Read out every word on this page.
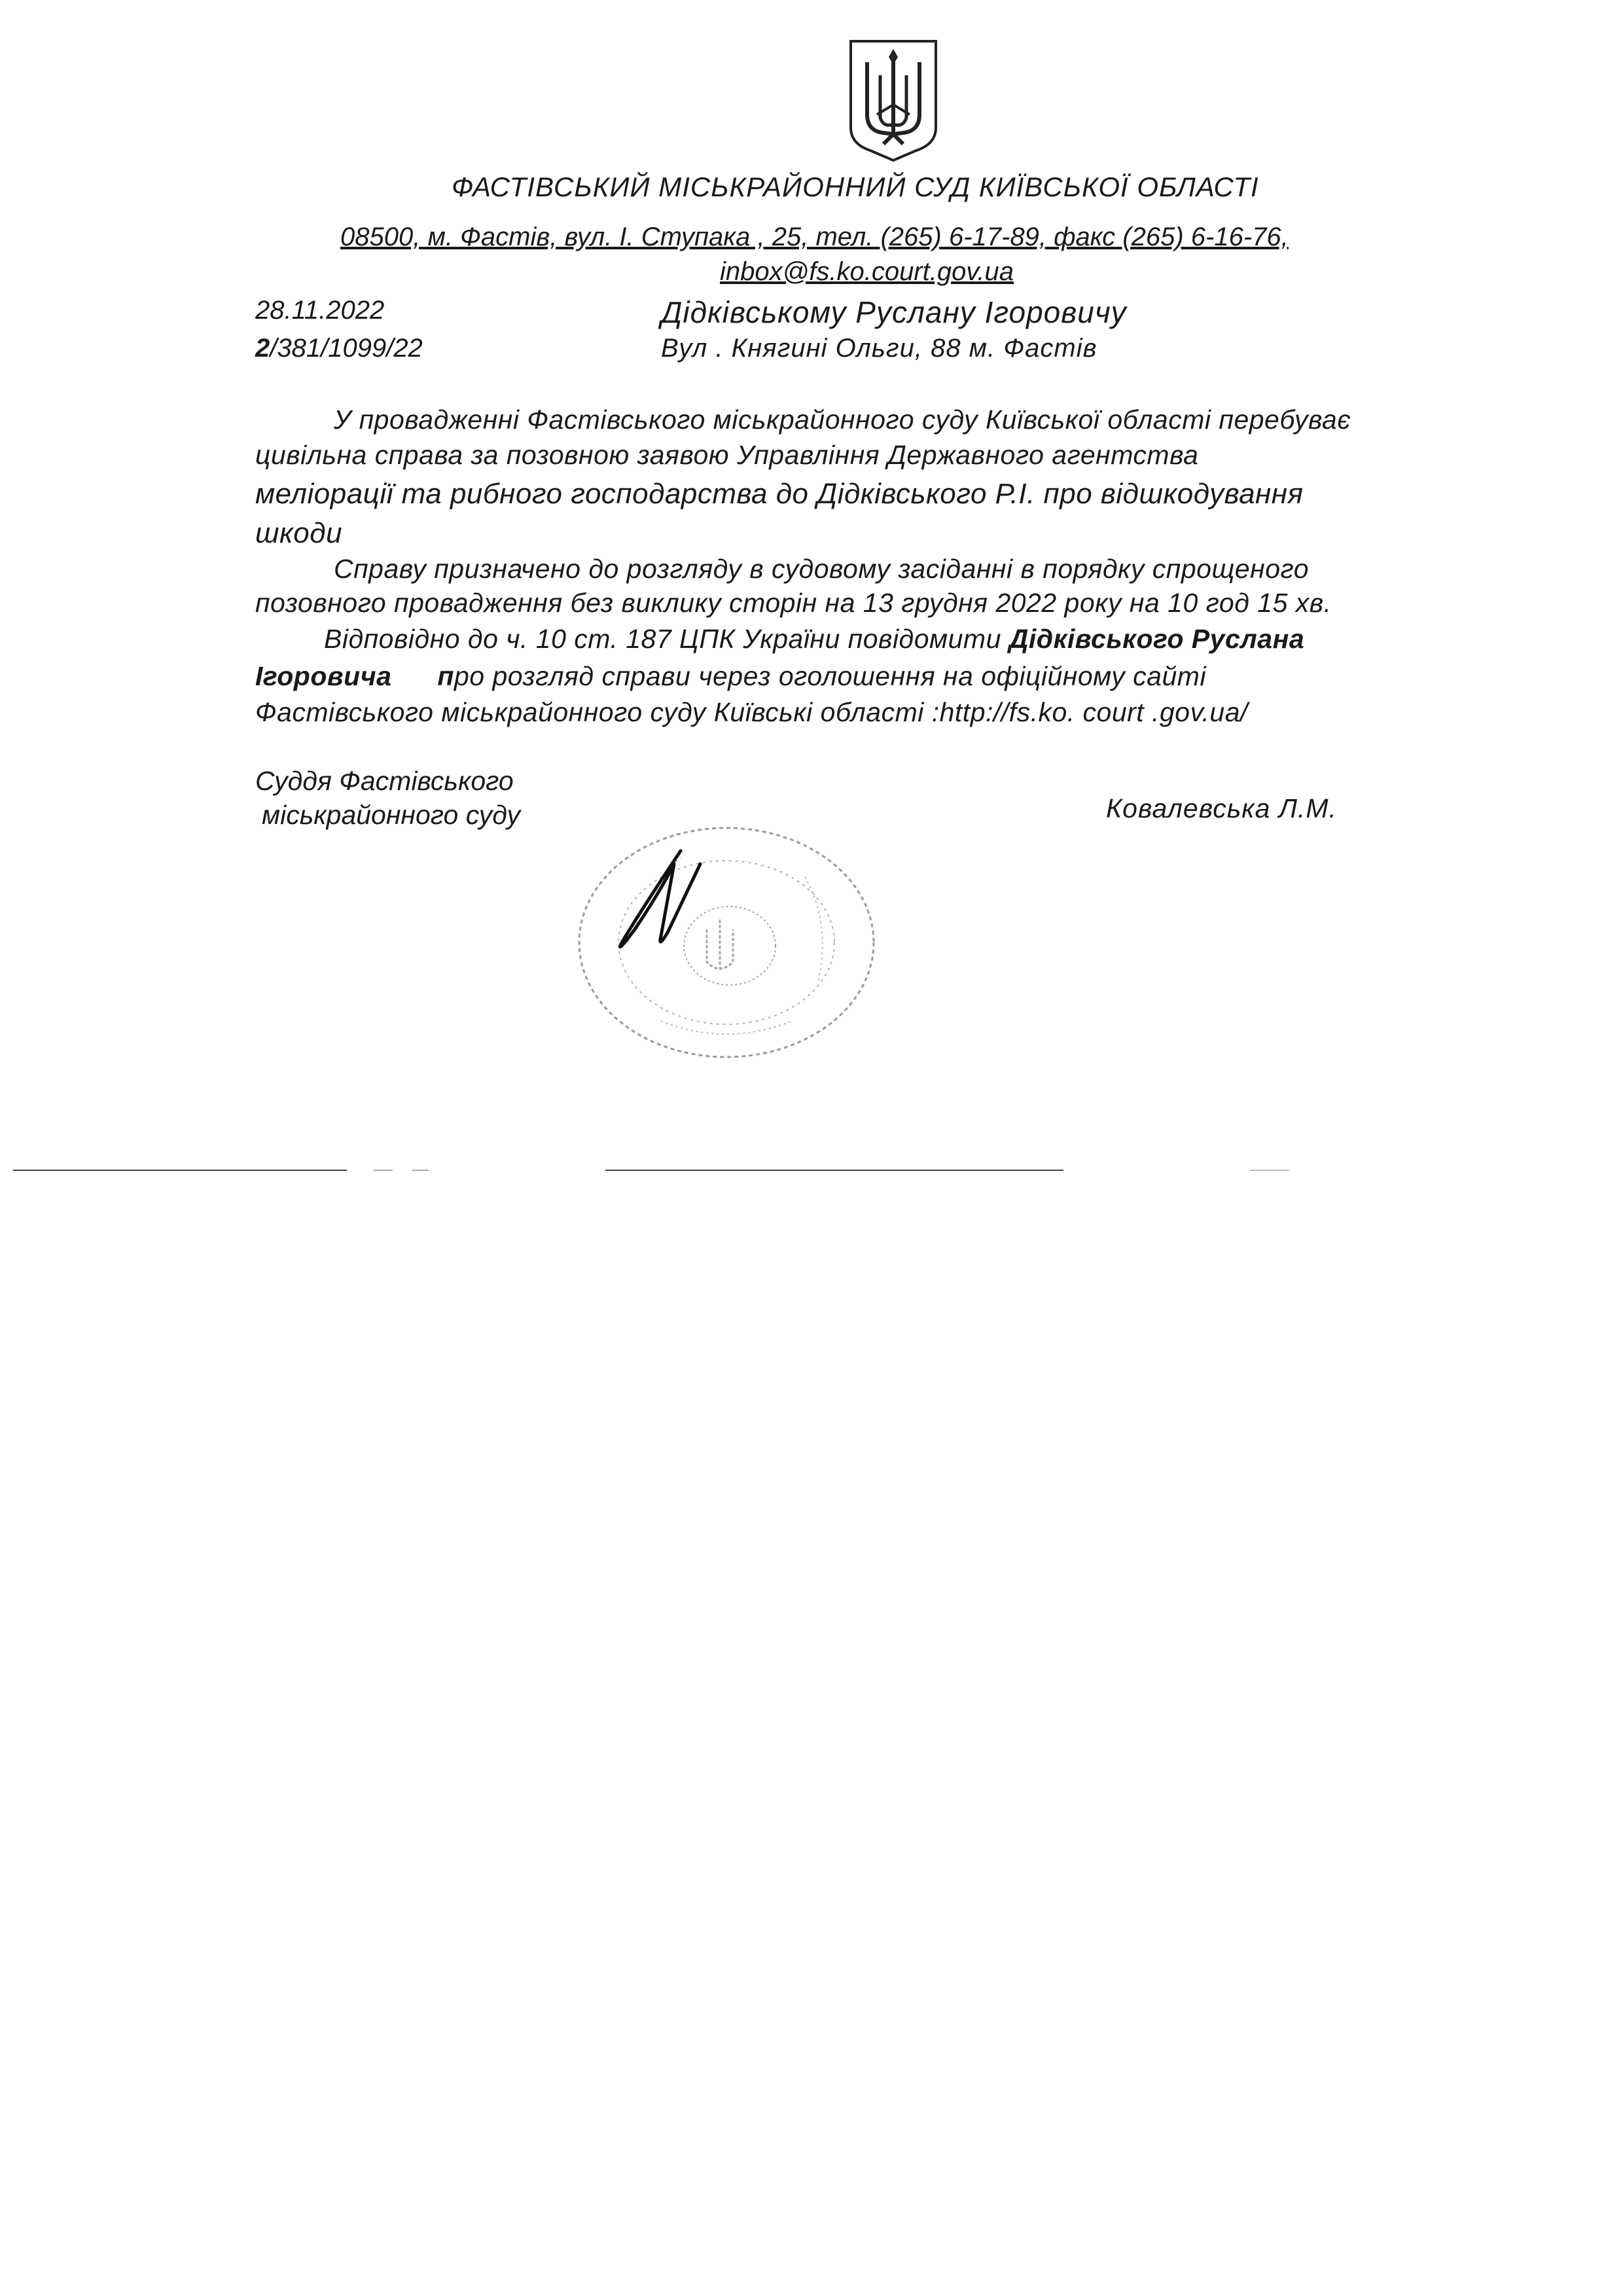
ФАСТІВСЬКИЙ МІСЬКРАЙОННИЙ СУД КИЇВСЬКОЇ ОБЛАСТІ
08500, м. Фастів, вул. І. Ступака , 25, тел. (265) 6-17-89, факс (265) 6-16-76,
inbox@fs.ko.court.gov.ua
28.11.2022
2/381/1099/22
Дідківському Руслану Ігоровичу
Вул . Княгині Ольги, 88 м. Фастів
У провадженні Фастівського міськрайонного суду Київської області перебуває
цивільна справа за позовною заявою Управління Державного агентства
меліорації та рибного господарства до Дідківського Р.І. про відшкодування
шкоди
Справу призначено до розгляду в судовому засіданні в порядку спрощеного
позовного провадження без виклику сторін на 13 грудня 2022 року на 10 год 15 хв.
Відповідно до ч. 10 ст. 187 ЦПК України повідомити Дідківського Руслана
Ігоровича про розгляд справи через оголошення на офіційному сайті
Фастівського міськрайонного суду Київські області :http://fs.ko. court .gov.ua/
Суддя Фастівського
міськрайонного суду	Ковалевська Л.М.
